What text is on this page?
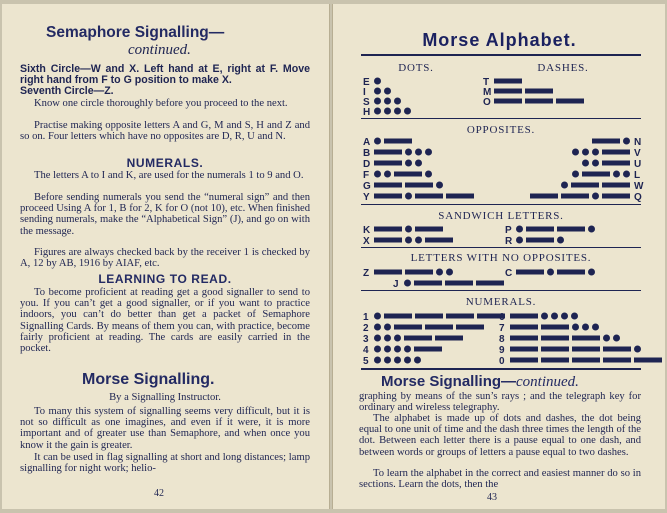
Semaphore Signalling—
continued.
Sixth Circle—W and X. Left hand at E, right at F. Move right hand from F to G position to make X.
Seventh Circle—Z.
Know one circle thoroughly before you proceed to the next.
Practise making opposite letters A and G, M and S, H and Z and so on. Four letters which have no opposites are D, R, U and N.
NUMERALS.
The letters A to I and K, are used for the numerals 1 to 9 and O.
Before sending numerals you send the “numeral sign” and then proceed Using A for 1, B for 2, K for O (not 10), etc. When finished sending numerals, make the “Alphabetical Sign” (J), and go on with the message.
Figures are always checked back by the receiver 1 is checked by A, 12 by AB, 1916 by AIAF, etc.
LEARNING TO READ.
To become proficient at reading get a good signaller to send to you. If you can’t get a good signaller, or if you want to practice indoors, you can’t do better than get a packet of Semaphore Signalling Cards. By means of them you can, with practice, become fairly proficient at reading. The cards are easily carried in the pocket.
Morse Signalling.
By a Signalling Instructor.
To many this system of signalling seems very difficult, but it is not so difficult as one imagines, and even if it were, it is more important and of greater use than Semaphore, and when once you know it the gain is greater.
It can be used in flag signalling at short and long distances; lamp signalling for night work; helio-
42
Morse Alphabet.
DOTS.	DASHES.
OPPOSITES.
SANDWICH LETTERS.
LETTERS WITH NO OPPOSITES.
NUMERALS.
E
I
S
H
T
M
O
A
B
D
F
G
Y
N
V
U
L
W
Q
K
X
P
R
Z
J
C
1
2
3
4
5
6
7
8
9
0
Morse Signalling—continued.
graphing by means of the sun’s rays ; and the telegraph key for ordinary and wireless telegraphy.
The alphabet is made up of dots and dashes, the dot being equal to one unit of time and the dash three times the length of the dot. Between each letter there is a pause equal to one dash, and between words or groups of letters a pause equal to two dashes.
To learn the alphabet in the correct and easiest manner do so in sections. Learn the dots, then the
43
